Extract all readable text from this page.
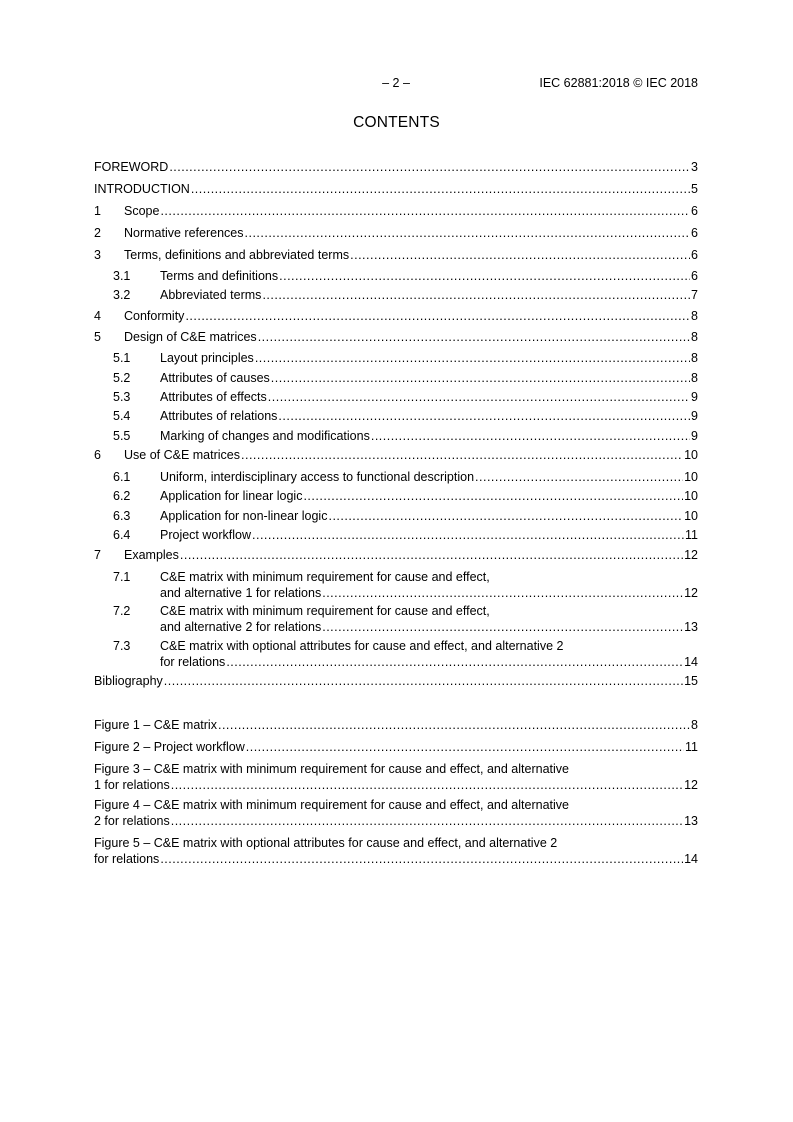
– 2 –	IEC 62881:2018 © IEC 2018
CONTENTS
FOREWORD .....	3
INTRODUCTION .....	5
1	Scope .....	6
2	Normative references .....	6
3	Terms, definitions and abbreviated terms .....	6
3.1	Terms and definitions .....	6
3.2	Abbreviated terms .....	7
4	Conformity .....	8
5	Design of C&E matrices .....	8
5.1	Layout principles .....	8
5.2	Attributes of causes .....	8
5.3	Attributes of effects .....	9
5.4	Attributes of relations .....	9
5.5	Marking of changes and modifications .....	9
6	Use of C&E matrices .....	10
6.1	Uniform, interdisciplinary access to functional description .....	10
6.2	Application for linear logic .....	10
6.3	Application for non-linear logic .....	10
6.4	Project workflow .....	11
7	Examples .....	12
7.1	C&E matrix with minimum requirement for cause and effect,
and alternative 1 for relations .....	12
7.2	C&E matrix with minimum requirement for cause and effect,
and alternative 2 for relations .....	13
7.3	C&E matrix with optional attributes for cause and effect, and alternative 2
for relations .....	14
Bibliography .....	15
Figure 1 – C&E matrix .....	8
Figure 2 – Project workflow .....	11
Figure 3 – C&E matrix with minimum requirement for cause and effect, and alternative
1 for relations .....	12
Figure 4 – C&E matrix with minimum requirement for cause and effect, and alternative
2 for relations .....	13
Figure 5 – C&E matrix with optional attributes for cause and effect, and alternative 2
for relations .....	14
